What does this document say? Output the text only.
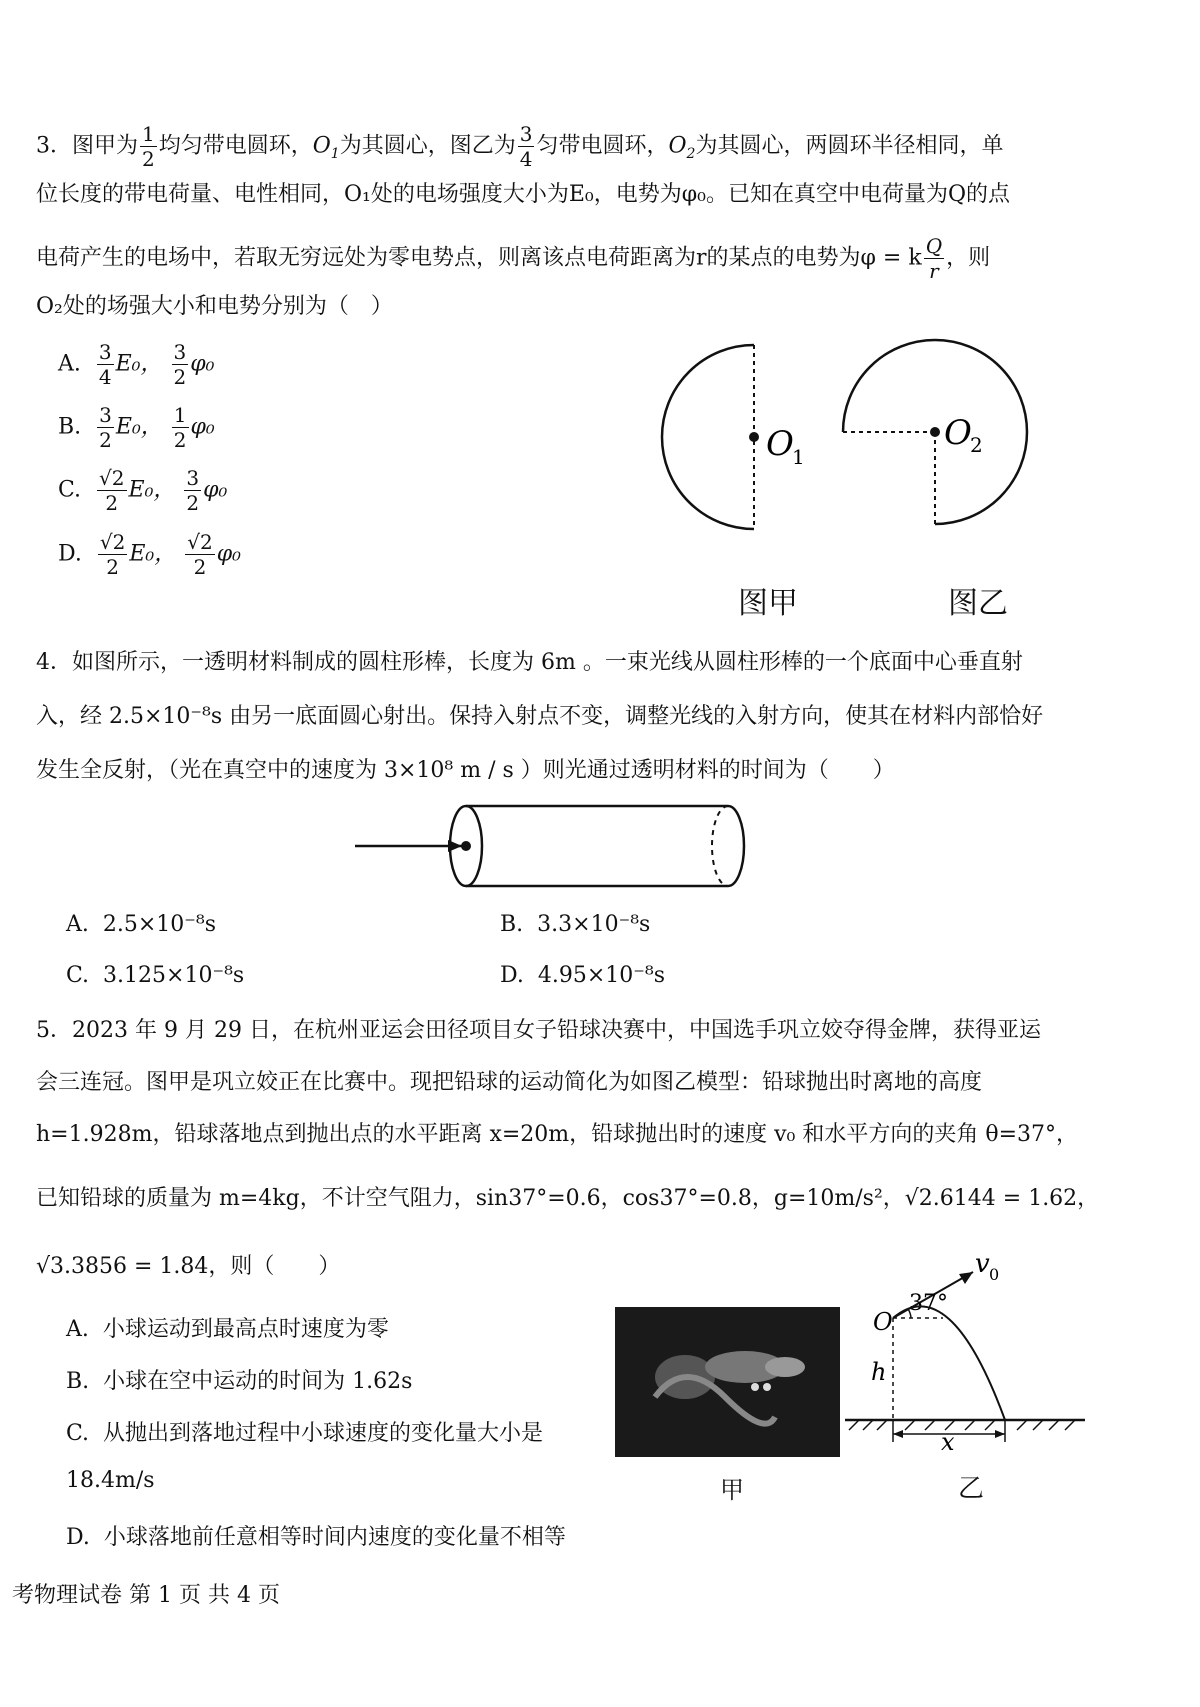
3．图甲为 $\frac{1}{2}$ 均匀带电圆环，$O_1$为其圆心，图乙为 $\frac{3}{4}$ 匀带电圆环，$O_2$为其圆心，两圆环半径相同，单
位长度的带电荷量、电性相同，O₁处的电场强度大小为E₀，电势为φ₀。已知在真空中电荷量为Q的点
电荷产生的电场中，若取无穷远处为零电势点，则离该点电荷距离为r的某点的电势为φ = k $\frac{Q}{r}$ ，则
O₂处的场强大小和电势分别为（　）
A. $\frac{3}{4} E_0$， $\frac{3}{2} \varphi_0$
B. $\frac{3}{2} E_0$， $\frac{1}{2} \varphi_0$
C. $\frac{√2}{2} E_0$， $\frac{3}{2} \varphi_0$
D. $\frac{√2}{2} E_0$， $\frac{√2}{2} \varphi_0$
O
1
O
2
图甲	图乙
4．如图所示，一透明材料制成的圆柱形棒，长度为 6m 。一束光线从圆柱形棒的一个底面中心垂直射
入，经 2.5×10⁻⁸s 由另一底面圆心射出。保持入射点不变，调整光线的入射方向，使其在材料内部恰好
发生全反射，（光在真空中的速度为 3×10⁸ m / s ）则光通过透明材料的时间为（　　）
A. 2.5×10⁻⁸s	B. 3.3×10⁻⁸s
C. 3.125×10⁻⁸s	D. 4.95×10⁻⁸s
5．2023 年 9 月 29 日，在杭州亚运会田径项目女子铅球决赛中，中国选手巩立姣夺得金牌，获得亚运
会三连冠。图甲是巩立姣正在比赛中。现把铅球的运动简化为如图乙模型：铅球抛出时离地的高度
h=1.928m，铅球落地点到抛出点的水平距离 x=20m，铅球抛出时的速度 v₀ 和水平方向的夹角 θ=37°，
已知铅球的质量为 m=4kg，不计空气阻力，sin37°=0.6，cos37°=0.8，g=10m/s²，√2.6144 = 1.62，
√3.3856 = 1.84，则（　　）
A. 小球运动到最高点时速度为零
B. 小球在空中运动的时间为 1.62s
C. 从抛出到落地过程中小球速度的变化量大小是
18.4m/s
D. 小球落地前任意相等时间内速度的变化量不相等
甲
v 0
37°
O
h
x
乙
考物理试卷 第 1 页 共 4 页
